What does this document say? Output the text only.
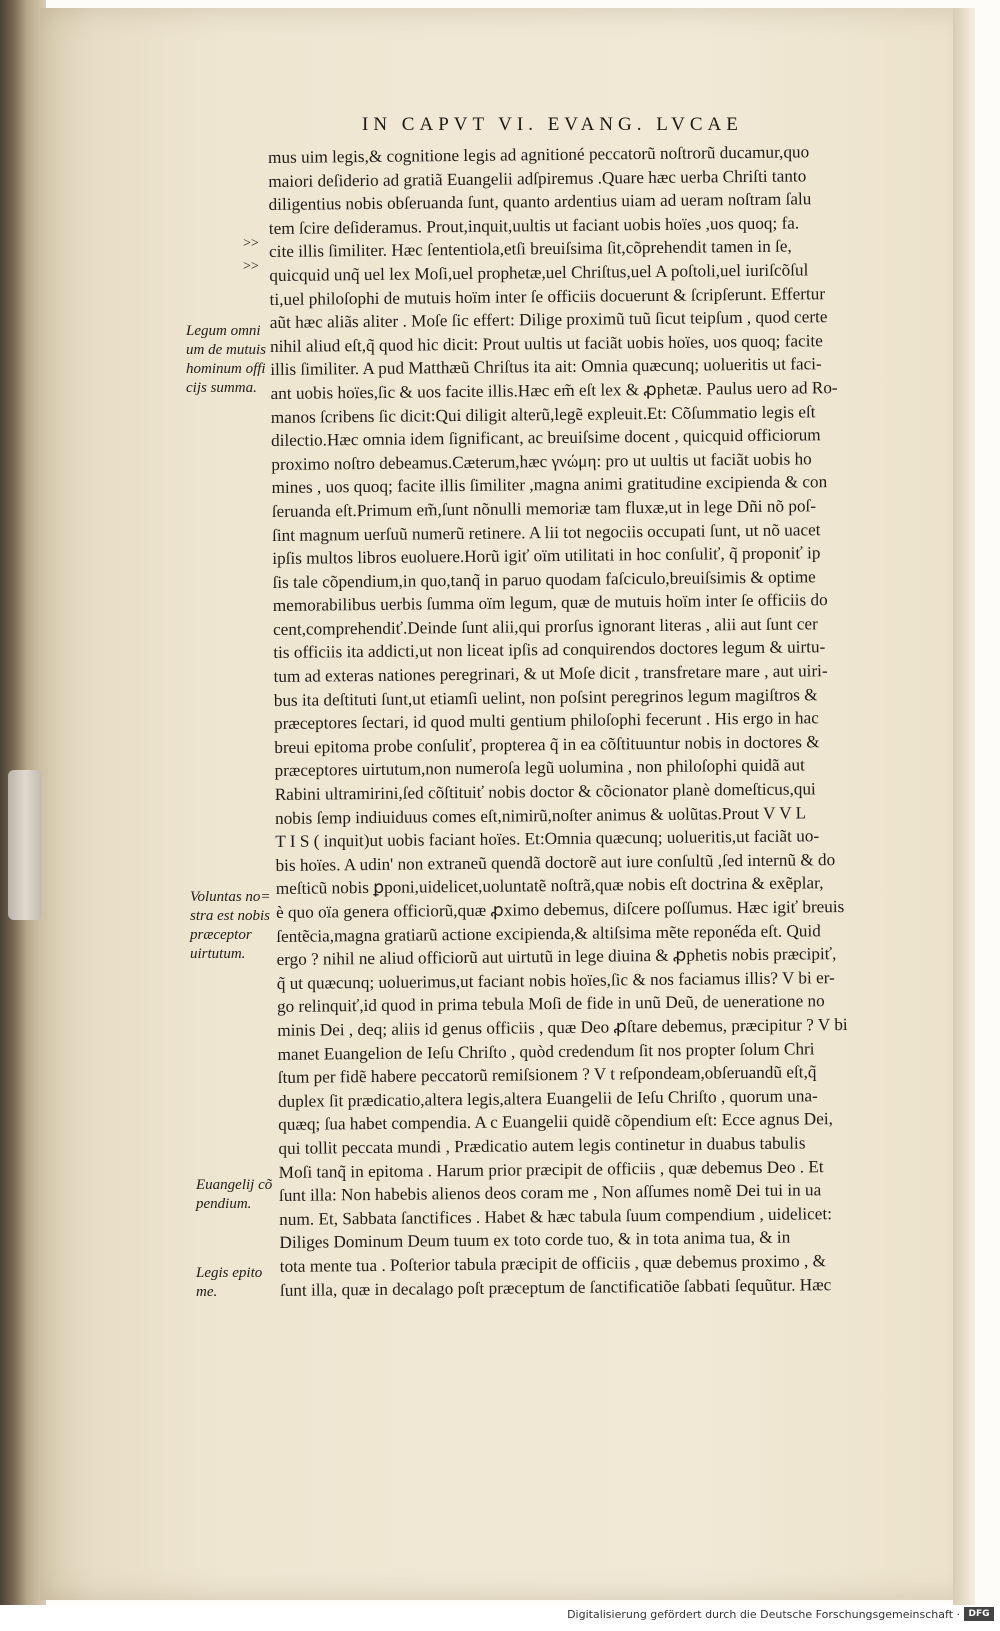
IN CAPVT VI. EVANG. LVCAE
>>
>>
mus uim legis,& cognitione legis ad agnitioné peccatorũ noſtrorũ ducamur,quo
maiori deſiderio ad gratiã Euangelii adſpiremus .Quare hæc uerba Chriſti tanto
diligentius nobis obſeruanda ſunt, quanto ardentius uiam ad ueram noſtram ſalu
tem ſcire deſideramus. Prout,inquit,uultis ut faciant uobis hoïes ,uos quoq; fa.
cite illis ſimiliter. Hæc ſententiola,etſi breuiſsima ſit,cõprehendit tamen in ſe,
quicquid unq̃ uel lex Moſi,uel prophetæ,uel Chriſtus,uel A poſtoli,uel iuriſcõſul
ti,uel philoſophi de mutuis hoïm inter ſe officiis docuerunt & ſcripſerunt. Effertur
aũt hæc aliãs aliter . Moſe ſic effert: Dilige proximũ tuũ ſicut teipſum , quod certe
nihil aliud eſt,q̃ quod hic dicit: Prout uultis ut faciãt uobis hoïes, uos quoq; facite
illis ſimiliter. A pud Matthæũ Chriſtus ita ait: Omnia quæcunq; uolueritis ut faci-
ant uobis hoïes,ſic & uos facite illis.Hæc em̃ eſt lex & ꝓphetæ. Paulus uero ad Ro-
manos ſcribens ſic dicit:Qui diligit alterũ,legẽ expleuit.Et: Cõſummatio legis eſt
dilectio.Hæc omnia idem ſignificant, ac breuiſsime docent , quicquid officiorum
proximo noſtro debeamus.Cæterum,hæc γνώμη: pro ut uultis ut faciãt uobis ho
mines , uos quoq; facite illis ſimiliter ,magna animi gratitudine excipienda & con
ſeruanda eſt.Primum em̃,ſunt nõnulli memoriæ tam fluxæ,ut in lege Dñi nõ poſ-
ſint magnum uerſuũ numerũ retinere. A lii tot negociis occupati ſunt, ut nõ uacet
ipſis multos libros euoluere.Horũ igiť oïm utilitati in hoc conſuliť, q̃ proponiť ip
ſis tale cõpendium,in quo,tanq̃ in paruo quodam faſciculo,breuiſsimis & optime
memorabilibus uerbis ſumma oïm legum, quæ de mutuis hoïm inter ſe officiis do
cent,comprehendiť.Deinde ſunt alii,qui prorſus ignorant literas , alii aut ſunt cer
tis officiis ita addicti,ut non liceat ipſis ad conquirendos doctores legum & uirtu-
tum ad exteras nationes peregrinari, & ut Moſe dicit , transfretare mare , aut uiri-
bus ita deſtituti ſunt,ut etiamſi uelint, non poſsint peregrinos legum magiſtros &
præceptores ſectari, id quod multi gentium philoſophi fecerunt . His ergo in hac
breui epitoma probe conſuliť, propterea q̃ in ea cõſtituuntur nobis in doctores &
præceptores uirtutum,non numeroſa legũ uolumina , non philoſophi quidã aut
Rabini ultramirini,ſed cõſtituiť nobis doctor & cõcionator planè domeſticus,qui
nobis ſemp indiuiduus comes eſt,nimirũ,noſter animus & uolũtas.Prout V V L
T I S ( inquit)ut uobis faciant hoïes. Et:Omnia quæcunq; uolueritis,ut faciãt uo-
bis hoïes. A udin' non extraneũ quendã doctorẽ aut iure conſultũ ,ſed internũ & do
meſticũ nobis ꝑponi,uidelicet,uoluntatẽ noſtrã,quæ nobis eſt doctrina & exẽplar,
è quo oïa genera officiorũ,quæ ꝓximo debemus, diſcere poſſumus. Hæc igiť breuis
ſentẽcia,magna gratiarũ actione excipienda,& altiſsima mẽte repone̋da eſt. Quid
ergo ? nihil ne aliud officiorũ aut uirtutũ in lege diuina & ꝓphetis nobis præcipiť,
q̃ ut quæcunq; uoluerimus,ut faciant nobis hoïes,ſic & nos faciamus illis? V bi er-
go relinquiť,id quod in prima tebula Moſi de fide in unũ Deũ, de ueneratione no
minis Dei , deq; aliis id genus officiis , quæ Deo ꝓſtare debemus, præcipitur ? V bi
manet Euangelion de Ieſu Chriſto , quòd credendum ſit nos propter ſolum Chri
ſtum per fidẽ habere peccatorũ remiſsionem ? V t reſpondeam,obſeruandũ eſt,q̃
duplex ſit prædicatio,altera legis,altera Euangelii de Ieſu Chriſto , quorum una-
quæq; ſua habet compendia. A c Euangelii quidẽ cõpendium eſt: Ecce agnus Dei,
qui tollit peccata mundi , Prædicatio autem legis continetur in duabus tabulis
Moſi tanq̃ in epitoma . Harum prior præcipit de officiis , quæ debemus Deo . Et
ſunt illa: Non habebis alienos deos coram me , Non aſſumes nomẽ Dei tui in ua
num. Et, Sabbata ſanctifices . Habet & hæc tabula ſuum compendium , uidelicet:
Diliges Dominum Deum tuum ex toto corde tuo, & in tota anima tua, & in
tota mente tua . Poſterior tabula præcipit de officiis , quæ debemus proximo , &
ſunt illa, quæ in decalago poſt præceptum de ſanctificatiõe ſabbati ſequũtur. Hæc
Legum omni
um de mutuis
hominum offi
cijs summa.
Voluntas no=
stra est nobis
præceptor
uirtutum.
Euangelij cõ
pendium.
Legis epito
me.
Digitalisierung gefördert durch die Deutsche Forschungsgemeinschaft · DFG
